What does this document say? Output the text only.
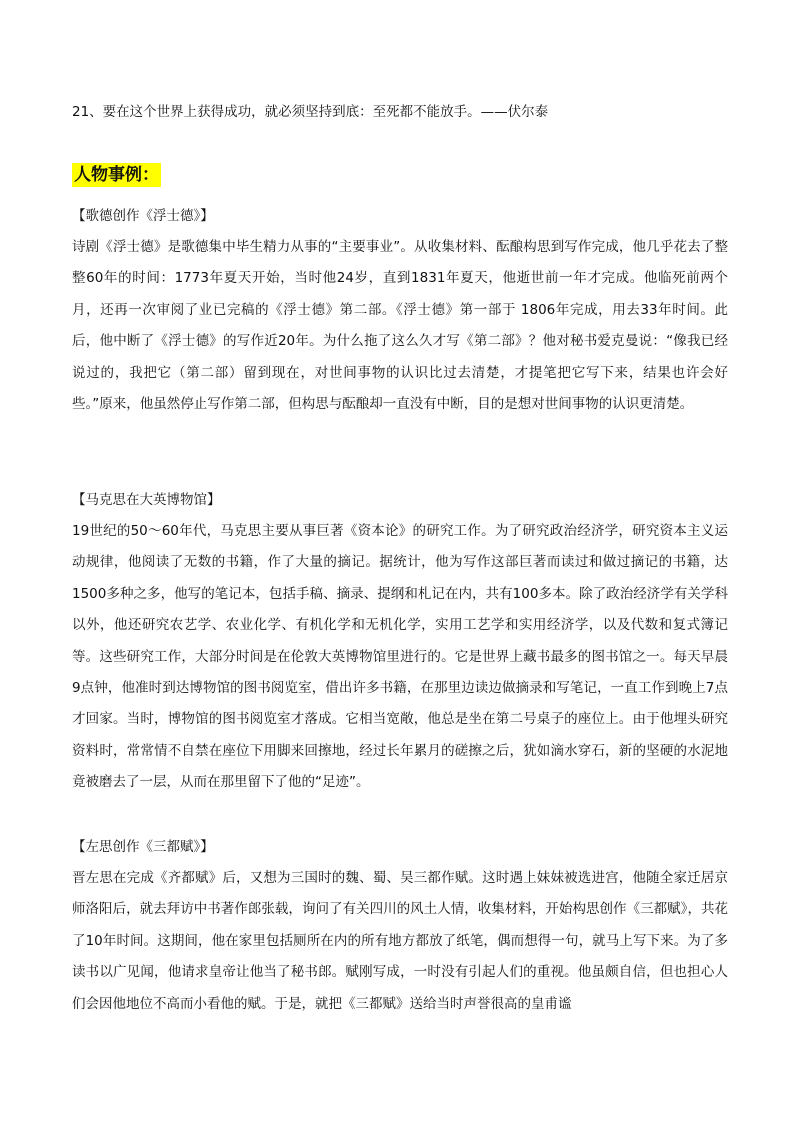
21、要在这个世界上获得成功，就必须坚持到底：至死都不能放手。——伏尔泰
人物事例：
【歌德创作《浮士德》】

诗剧《浮士德》是歌德集中毕生精力从事的“主要事业”。从收集材料、酝酿构思到写作完成，他几乎花去了整整60年的时间：1773年夏天开始，当时他24岁，直到1831年夏天，他逝世前一年才完成。他临死前两个月，还再一次审阅了业已完稿的《浮士德》第二部。《浮士德》第一部于 1806年完成，用去33年时间。此后，他中断了《浮士德》的写作近20年。为什么拖了这么久才写《第二部》？他对秘书爱克曼说：“像我已经说过的，我把它（第二部）留到现在，对世间事物的认识比过去清楚，才提笔把它写下来，结果也许会好些。”原来，他虽然停止写作第二部，但构思与酝酿却一直没有中断，目的是想对世间事物的认识更清楚。

【马克思在大英博物馆】

19世纪的50～60年代，马克思主要从事巨著《资本论》的研究工作。为了研究政治经济学，研究资本主义运动规律，他阅读了无数的书籍，作了大量的摘记。据统计，他为写作这部巨著而读过和做过摘记的书籍，达1500多种之多，他写的笔记本，包括手稿、摘录、提纲和札记在内，共有100多本。除了政治经济学有关学科以外，他还研究农艺学、农业化学、有机化学和无机化学，实用工艺学和实用经济学，以及代数和复式簿记等。这些研究工作，大部分时间是在伦敦大英博物馆里进行的。它是世界上藏书最多的图书馆之一。每天早晨9点钟，他准时到达博物馆的图书阅览室，借出许多书籍，在那里边读边做摘录和写笔记，一直工作到晚上7点才回家。当时，博物馆的图书阅览室才落成。它相当宽敞，他总是坐在第二号桌子的座位上。由于他埋头研究资料时，常常情不自禁在座位下用脚来回擦地，经过长年累月的磋擦之后，犹如滴水穿石，新的坚硬的水泥地竟被磨去了一层，从而在那里留下了他的“足迹”。

【左思创作《三都赋》】

晋左思在完成《齐都赋》后，又想为三国时的魏、蜀、吴三都作赋。这时遇上妹妹被选进宫，他随全家迁居京师洛阳后，就去拜访中书著作郎张载，询问了有关四川的风土人情，收集材料，开始构思创作《三都赋》，共花了10年时间。这期间，他在家里包括厕所在内的所有地方都放了纸笔，偶而想得一句，就马上写下来。为了多读书以广见闻，他请求皇帝让他当了秘书郎。赋刚写成，一时没有引起人们的重视。他虽颇自信，但也担心人们会因他地位不高而小看他的赋。于是，就把《三都赋》送给当时声誉很高的皇甫谧
